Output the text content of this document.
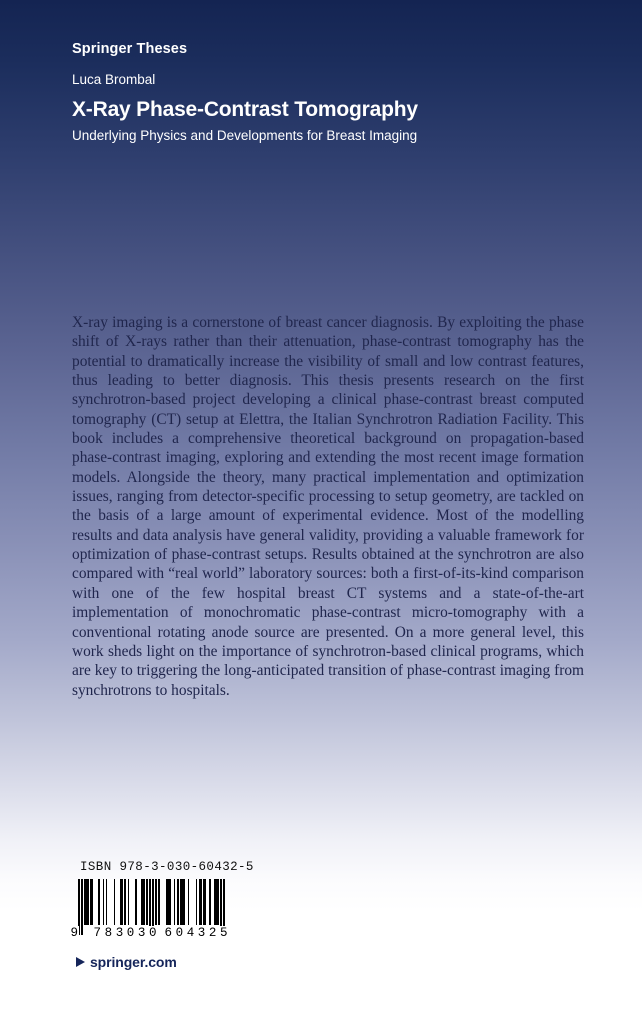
Springer Theses

Luca Brombal

X-Ray Phase-Contrast Tomography

Underlying Physics and Developments for Breast Imaging

X-ray imaging is a cornerstone of breast cancer diagnosis. By exploiting the phase shift of X-rays rather than their attenuation, phase-contrast tomography has the potential to dramatically increase the visibility of small and low contrast features, thus leading to better diagnosis. This thesis presents research on the first synchrotron-based project developing a clinical phase-contrast breast computed tomography (CT) setup at Elettra, the Italian Synchrotron Radiation Facility. This book includes a comprehensive theoretical background on propagation-based phase-contrast imaging, exploring and extending the most recent image formation models. Alongside the theory, many practical implementation and optimization issues, ranging from detector-specific processing to setup geometry, are tackled on the basis of a large amount of experimental evidence. Most of the modelling results and data analysis have general validity, providing a valuable framework for optimization of phase-contrast setups. Results obtained at the synchrotron are also compared with “real world” laboratory sources: both a first-of-its-kind comparison with one of the few hospital breast CT systems and a state-of-the-art implementation of monochromatic phase-contrast micro-tomography with a conventional rotating anode source are presented. On a more general level, this work sheds light on the importance of synchrotron-based clinical programs, which are key to triggering the long-anticipated transition of phase-contrast imaging from synchrotrons to hospitals.

ISBN 978-3-030-60432-5
9 783030 604325
springer.com
